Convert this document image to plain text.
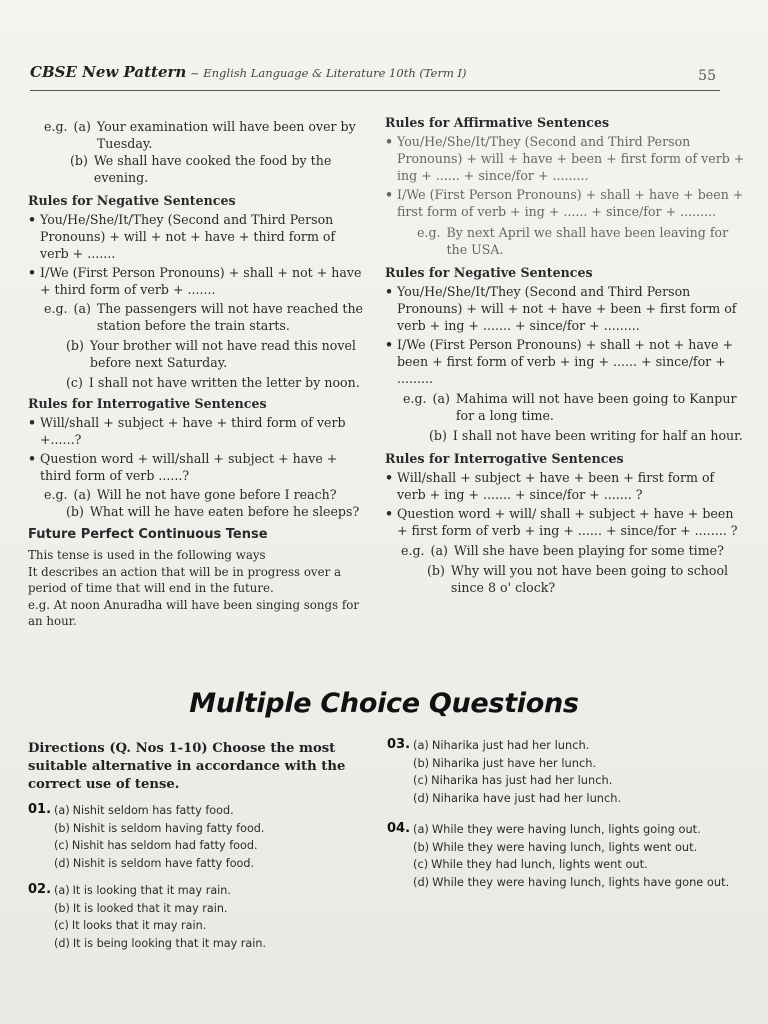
CBSE New Pattern ~ English Language & Literature 10th (Term I)	55
e.g. (a) Your examination will have been over by Tuesday.
(b) We shall have cooked the food by the evening.
Rules for Negative Sentences
• You/He/She/It/They (Second and Third Person Pronouns) + will + not + have + third form of verb + .......
• I/We (First Person Pronouns) + shall + not + have + third form of verb + .......
e.g. (a) The passengers will not have reached the station before the train starts.
(b) Your brother will not have read this novel before next Saturday.
(c) I shall not have written the letter by noon.
Rules for Interrogative Sentences
• Will/shall + subject + have + third form of verb +......?
• Question word + will/shall + subject + have + third form of verb ......?
e.g. (a) Will he not have gone before I reach?
(b) What will he have eaten before he sleeps?
Future Perfect Continuous Tense
This tense is used in the following ways
It describes an action that will be in progress over a period of time that will end in the future.
e.g. At noon Anuradha will have been singing songs for an hour.
Rules for Affirmative Sentences
• You/He/She/It/They (Second and Third Person Pronouns) + will + have + been + first form of verb + ing + ...... + since/for + .........
• I/We (First Person Pronouns) + shall + have + been + first form of verb + ing + ...... + since/for + .........
e.g. By next April we shall have been leaving for the USA.
Rules for Negative Sentences
• You/He/She/It/They (Second and Third Person Pronouns) + will + not + have + been + first form of verb + ing + ....... + since/for + .........
• I/We (First Person Pronouns) + shall + not + have + been + first form of verb + ing + ...... + since/for + .........
e.g. (a) Mahima will not have been going to Kanpur for a long time.
(b) I shall not have been writing for half an hour.
Rules for Interrogative Sentences
• Will/shall + subject + have + been + first form of verb + ing + ....... + since/for + ....... ?
• Question word + will/ shall + subject + have + been + first form of verb + ing + ...... + since/for + ........ ?
e.g. (a) Will she have been playing for some time?
(b) Why will you not have been going to school since 8 o' clock?
Multiple Choice Questions
Directions (Q. Nos 1-10) Choose the most suitable alternative in accordance with the correct use of tense.
01. (a) Nishit seldom has fatty food.
(b) Nishit is seldom having fatty food.
(c) Nishit has seldom had fatty food.
(d) Nishit is seldom have fatty food.
02. (a) It is looking that it may rain.
(b) It is looked that it may rain.
(c) It looks that it may rain.
(d) It is being looking that it may rain.
03. (a) Niharika just had her lunch.
(b) Niharika just have her lunch.
(c) Niharika has just had her lunch.
(d) Niharika have just had her lunch.
04. (a) While they were having lunch, lights going out.
(b) While they were having lunch, lights went out.
(c) While they had lunch, lights went out.
(d) While they were having lunch, lights have gone out.
